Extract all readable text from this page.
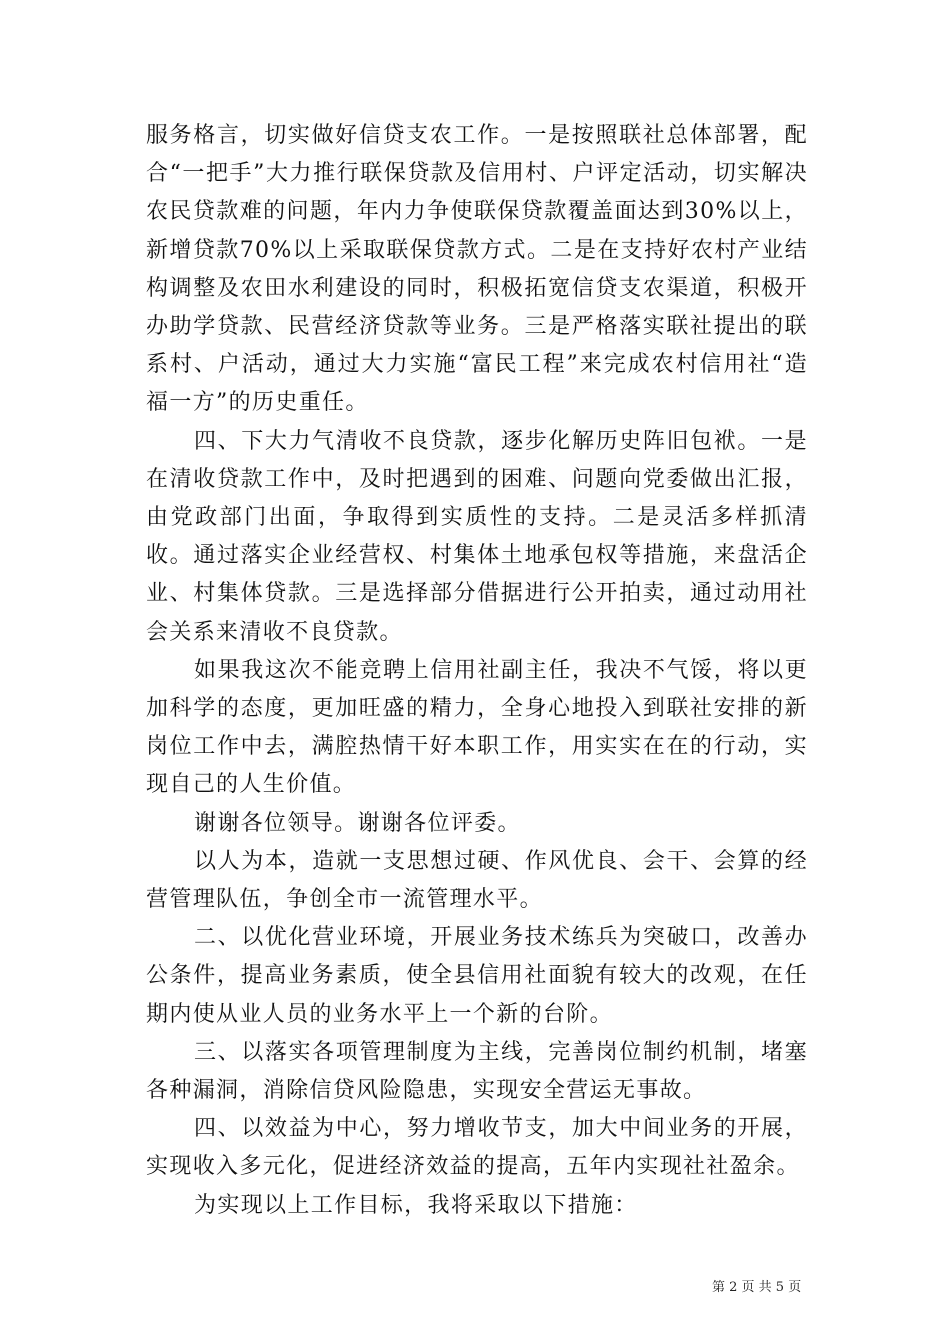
服务格言，切实做好信贷支农工作。一是按照联社总体部署，配合“一把手”大力推行联保贷款及信用村、户评定活动，切实解决农民贷款难的问题，年内力争使联保贷款覆盖面达到30%以上，新增贷款70%以上采取联保贷款方式。二是在支持好农村产业结构调整及农田水利建设的同时，积极拓宽信贷支农渠道，积极开办助学贷款、民营经济贷款等业务。三是严格落实联社提出的联系村、户活动，通过大力实施“富民工程”来完成农村信用社“造福一方”的历史重任。

四、下大力气清收不良贷款，逐步化解历史阵旧包袱。一是在清收贷款工作中，及时把遇到的困难、问题向党委做出汇报，由党政部门出面，争取得到实质性的支持。二是灵活多样抓清收。通过落实企业经营权、村集体土地承包权等措施，来盘活企业、村集体贷款。三是选择部分借据进行公开拍卖，通过动用社会关系来清收不良贷款。

如果我这次不能竞聘上信用社副主任，我决不气馁，将以更加科学的态度，更加旺盛的精力，全身心地投入到联社安排的新岗位工作中去，满腔热情干好本职工作，用实实在在的行动，实现自己的人生价值。

谢谢各位领导。谢谢各位评委。

以人为本，造就一支思想过硬、作风优良、会干、会算的经营管理队伍，争创全市一流管理水平。

二、以优化营业环境，开展业务技术练兵为突破口，改善办公条件，提高业务素质，使全县信用社面貌有较大的改观，在任期内使从业人员的业务水平上一个新的台阶。

三、以落实各项管理制度为主线，完善岗位制约机制，堵塞各种漏洞，消除信贷风险隐患，实现安全营运无事故。

四、以效益为中心，努力增收节支，加大中间业务的开展，实现收入多元化，促进经济效益的提高，五年内实现社社盈余。

为实现以上工作目标，我将采取以下措施：

第 2 页 共 5 页
